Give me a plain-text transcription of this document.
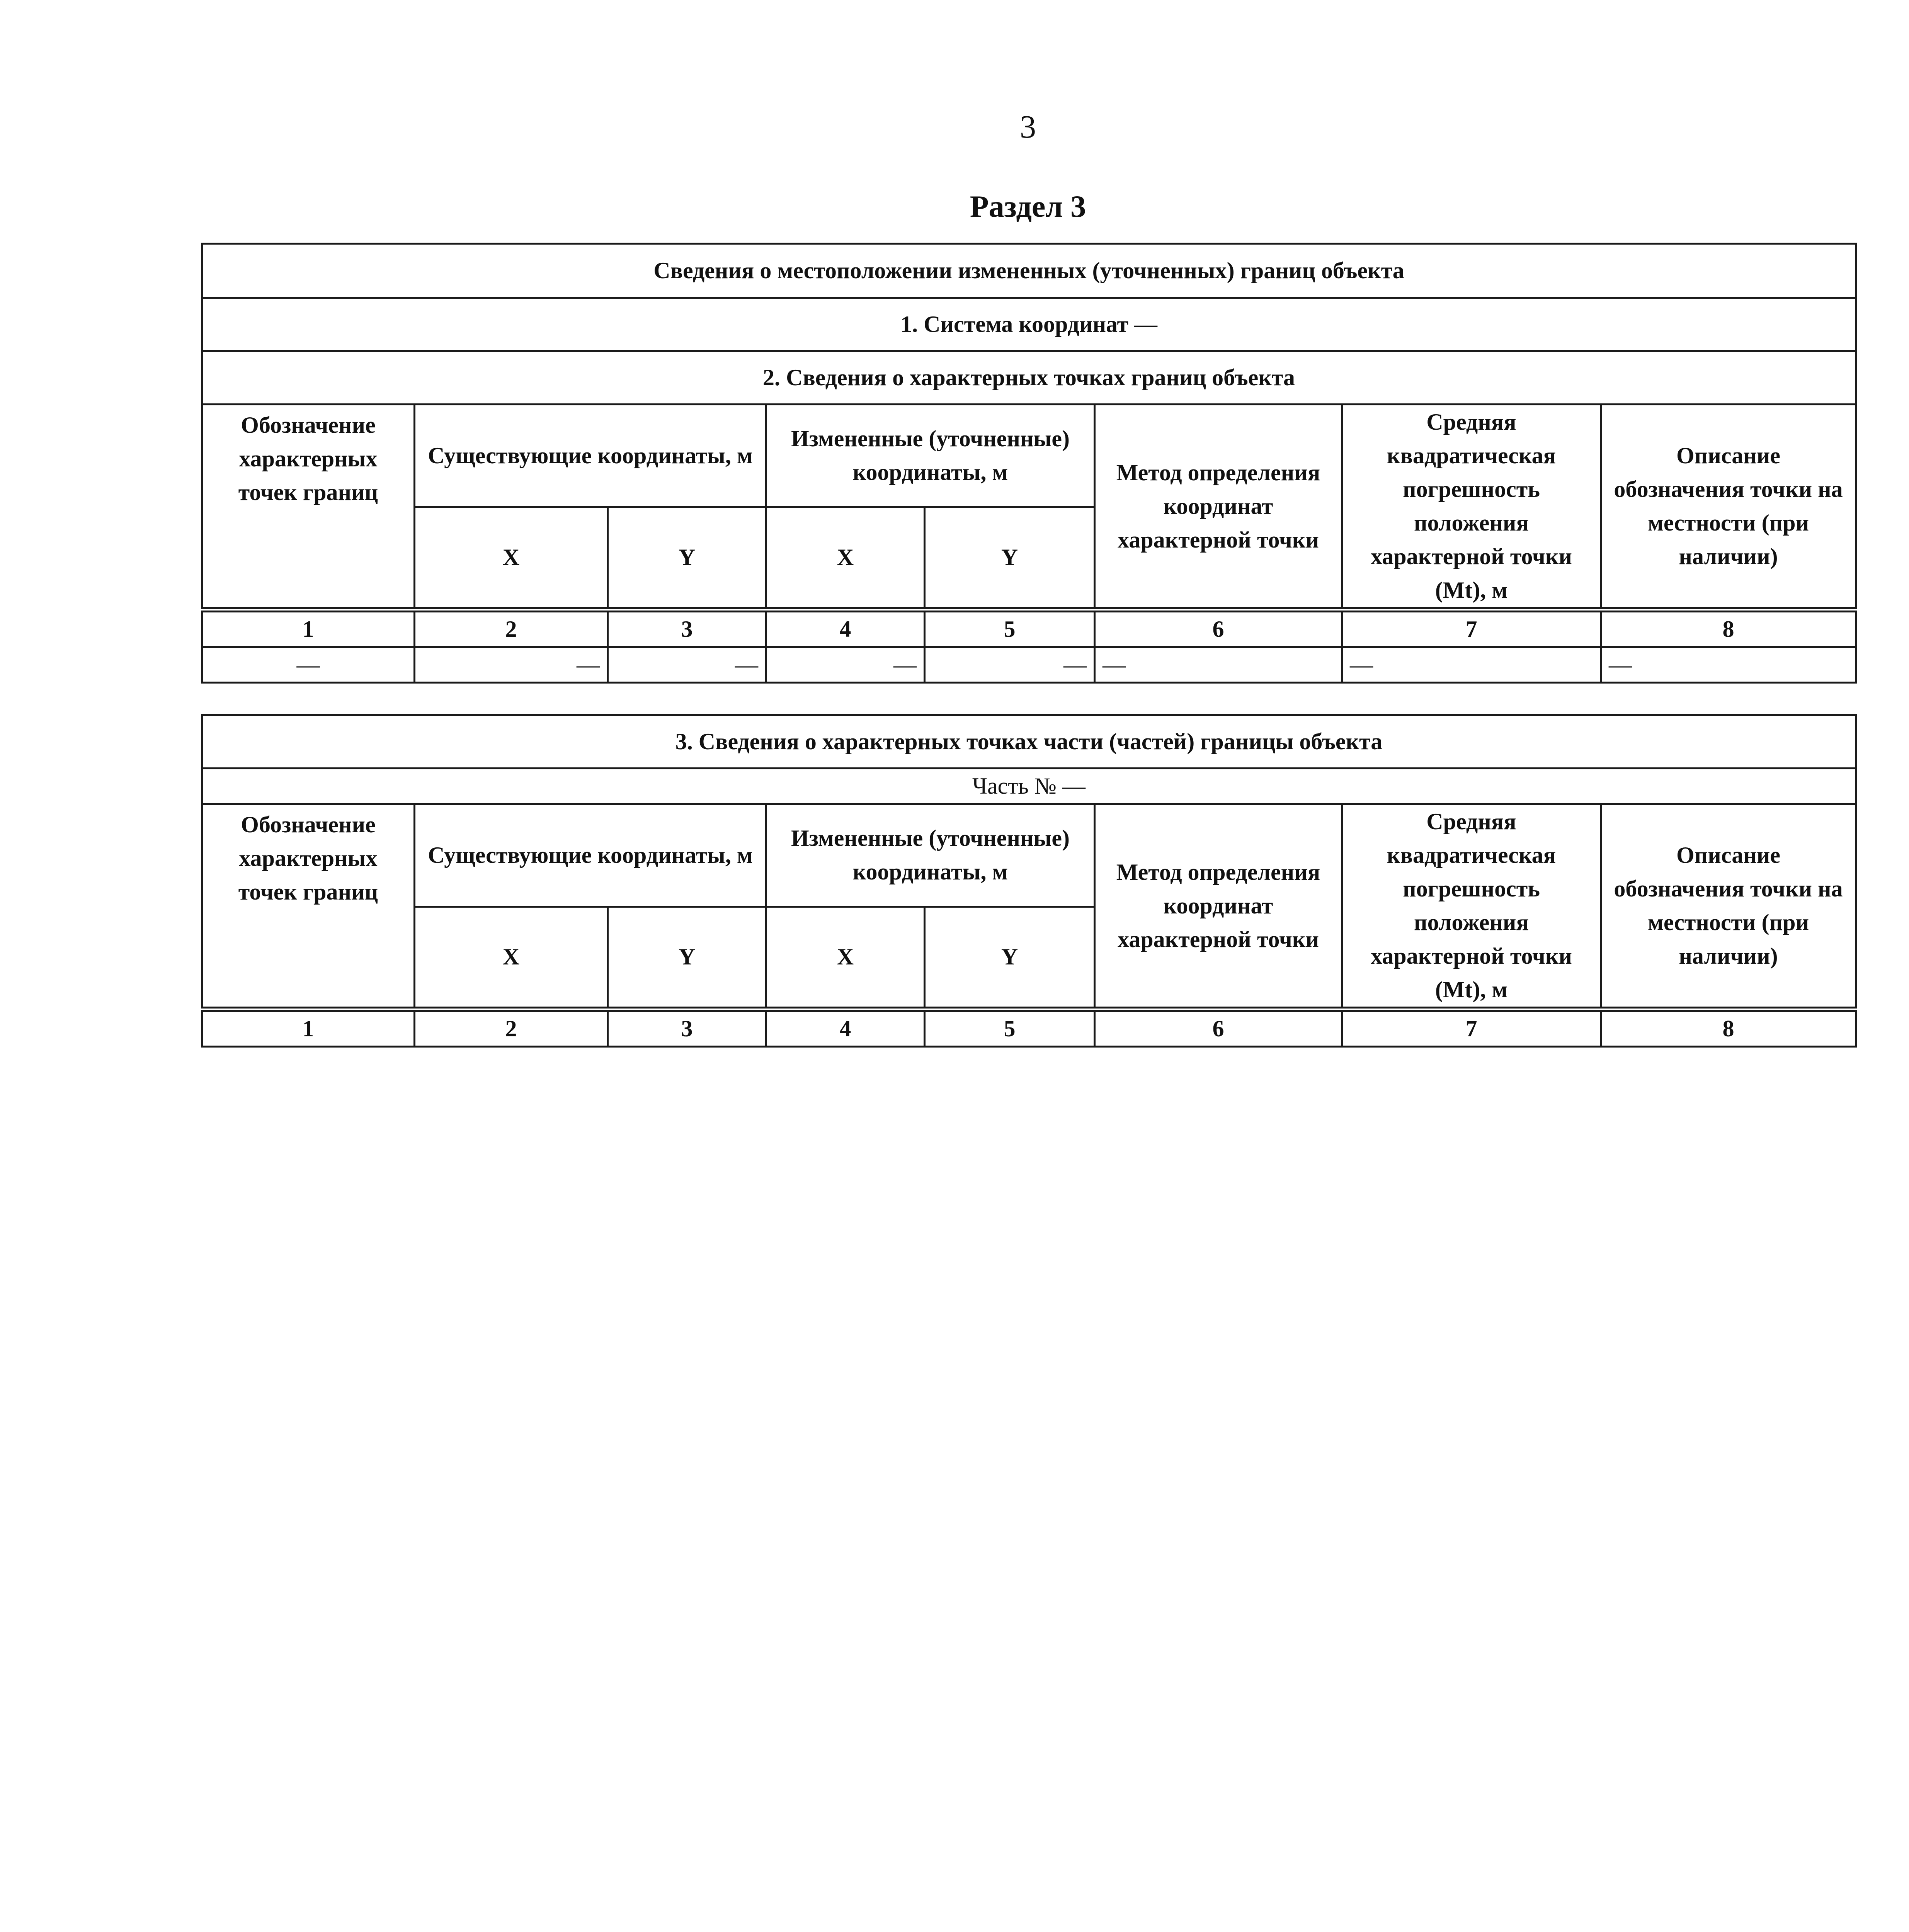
3
Раздел 3
Сведения о местоположении измененных (уточненных) границ объекта							
1. Система координат —							
2. Сведения о характерных точках границ объекта							
Обозначение характерных точек границ	Существующие координаты, м		Измененные (уточненные) координаты, м		Метод определения координат характерной точки	Средняя квадратическая погрешность положения характерной точки (Mt), м	Описание обозначения точки на местности (при наличии)
	X	Y	X	Y			
1	2	3	4	5	6	7	8
—	—	—	—	—	—	—	—
3. Сведения о характерных точках части (частей) границы объекта							
Часть № —							
Обозначение характерных точек границ	Существующие координаты, м		Измененные (уточненные) координаты, м		Метод определения координат характерной точки	Средняя квадратическая погрешность положения характерной точки (Mt), м	Описание обозначения точки на местности (при наличии)
	X	Y	X	Y			
1	2	3	4	5	6	7	8
